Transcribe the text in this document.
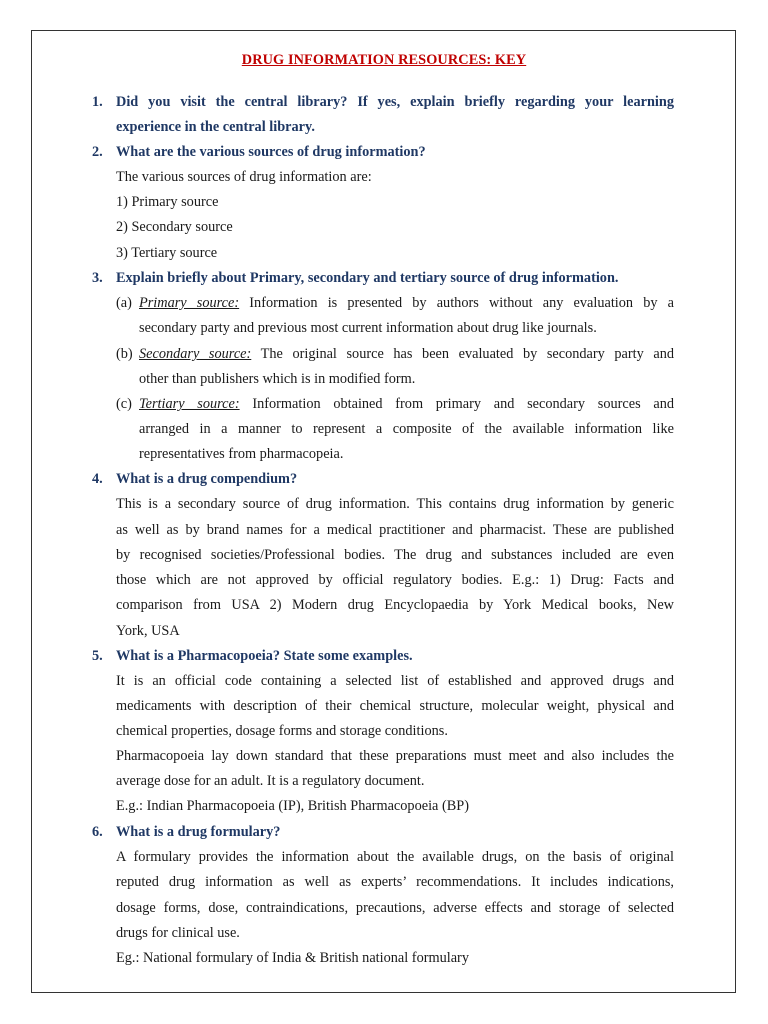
DRUG INFORMATION RESOURCES: KEY
1. Did you visit the central library? If yes, explain briefly regarding your learning
experience in the central library.
2. What are the various sources of drug information?
The various sources of drug information are:
1) Primary source
2) Secondary source
3) Tertiary source
3. Explain briefly about Primary, secondary and tertiary source of drug information.
(a) Primary source: Information is presented by authors without any evaluation by a
secondary party and previous most current information about drug like journals.
(b) Secondary source: The original source has been evaluated by secondary party and
other than publishers which is in modified form.
(c) Tertiary source: Information obtained from primary and secondary sources and
arranged in a manner to represent a composite of the available information like
representatives from pharmacopeia.
4. What is a drug compendium?
This is a secondary source of drug information. This contains drug information by generic
as well as by brand names for a medical practitioner and pharmacist. These are published
by recognised societies/Professional bodies. The drug and substances included are even
those which are not approved by official regulatory bodies. E.g.: 1) Drug: Facts and
comparison from USA 2) Modern drug Encyclopaedia by York Medical books, New
York, USA
5. What is a Pharmacopoeia? State some examples.
It is an official code containing a selected list of established and approved drugs and
medicaments with description of their chemical structure, molecular weight, physical and
chemical properties, dosage forms and storage conditions.
Pharmacopoeia lay down standard that these preparations must meet and also includes the
average dose for an adult. It is a regulatory document.
E.g.: Indian Pharmacopoeia (IP), British Pharmacopoeia (BP)
6. What is a drug formulary?
A formulary provides the information about the available drugs, on the basis of original
reputed drug information as well as experts’ recommendations. It includes indications,
dosage forms, dose, contraindications, precautions, adverse effects and storage of selected
drugs for clinical use.
Eg.: National formulary of India & British national formulary
